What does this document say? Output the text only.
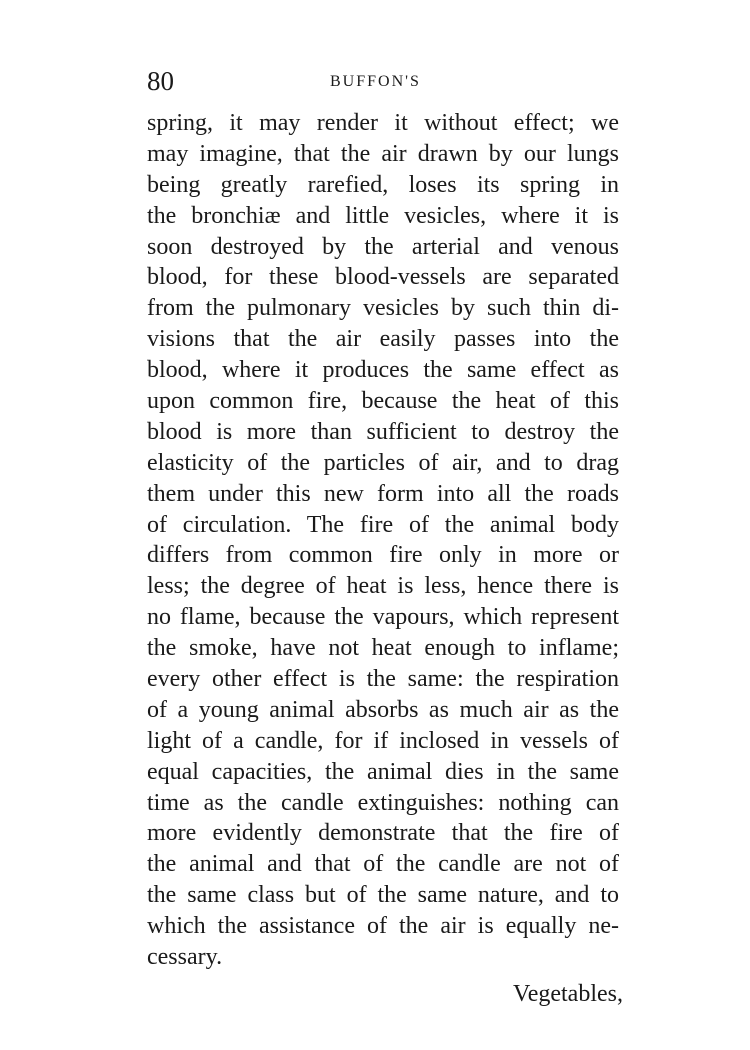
80	BUFFON'S
spring, it may render it without effect; we
may imagine, that the air drawn by our lungs
being greatly rarefied, loses its spring in
the bronchiæ and little vesicles, where it is
soon destroyed by the arterial and venous
blood, for these blood-vessels are separated
from the pulmonary vesicles by such thin di-
visions that the air easily passes into the
blood, where it produces the same effect as
upon common fire, because the heat of this
blood is more than sufficient to destroy the
elasticity of the particles of air, and to drag
them under this new form into all the roads
of circulation. The fire of the animal body
differs from common fire only in more or
less; the degree of heat is less, hence there is
no flame, because the vapours, which represent
the smoke, have not heat enough to inflame;
every other effect is the same: the respiration
of a young animal absorbs as much air as the
light of a candle, for if inclosed in vessels of
equal capacities, the animal dies in the same
time as the candle extinguishes: nothing can
more evidently demonstrate that the fire of
the animal and that of the candle are not of
the same class but of the same nature, and to
which the assistance of the air is equally ne-
cessary.
Vegetables,
